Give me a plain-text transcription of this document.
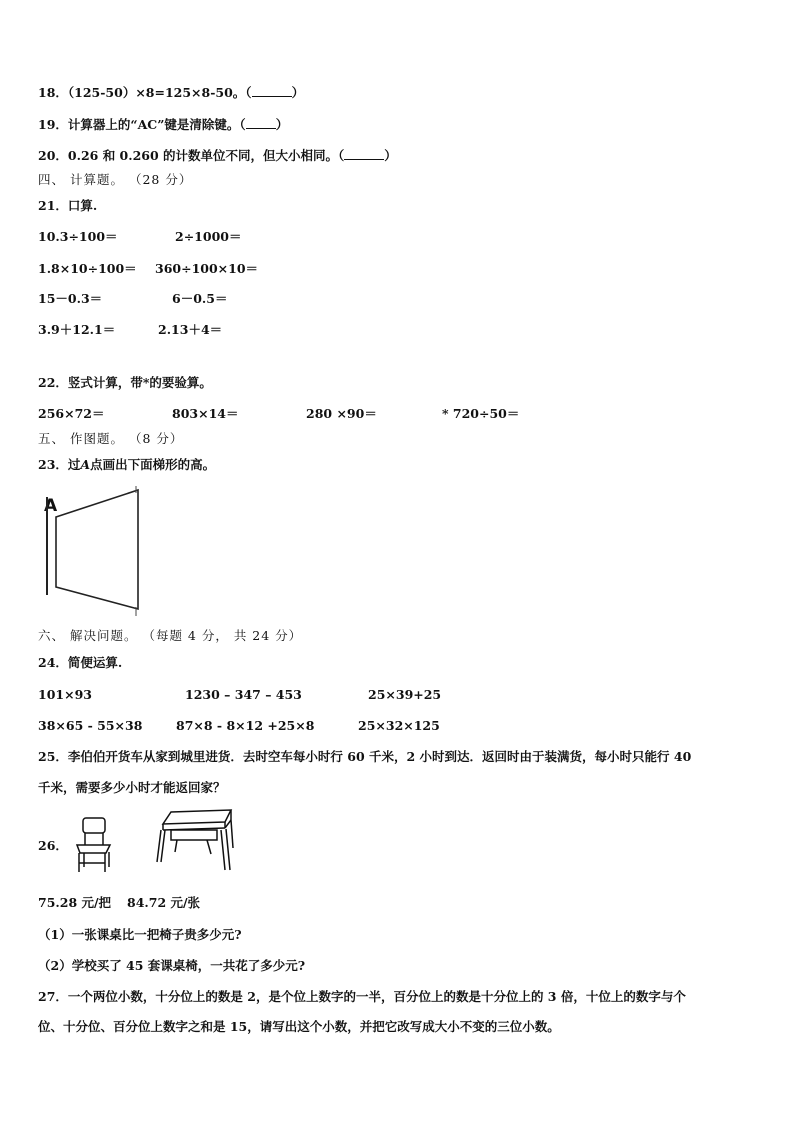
18．（125-50）×8=125×8-50。（	）
19．计算器上的“AC”键是清除键。（ ）
20．0.26 和 0.260 的计数单位不同，但大小相同。（	）
四、 计算题。 （28 分）
21．口算.
10.3÷100＝	2÷1000＝
1.8×10÷100＝ 360÷100×10＝
15－0.3＝	6－0.5＝
3.9＋12.1＝	2.13＋4＝
22．竖式计算，带*的要验算。
256×72＝	803×14＝	280 ×90＝	* 720÷50＝
五、 作图题。 （8 分）
23．过A点画出下面梯形的高。
A
六、 解决问题。 （每题 4 分， 共 24 分）
24．简便运算.
101×93	1230 – 347 – 453	25×39+25
38×65 - 55×38	87×8 - 8×12 +25×8	25×32×125
25．李伯伯开货车从家到城里进货．去时空车每小时行 60 千米，2 小时到达．返回时由于装满货，每小时只能行 40
千米，需要多少小时才能返回家？
26．
75.28 元/把 84.72 元/张
（1）一张课桌比一把椅子贵多少元?
（2）学校买了 45 套课桌椅，一共花了多少元?
27．一个两位小数，十分位上的数是 2，是个位上数字的一半，百分位上的数是十分位上的 3 倍，十位上的数字与个
位、十分位、百分位上数字之和是 15，请写出这个小数，并把它改写成大小不变的三位小数。
